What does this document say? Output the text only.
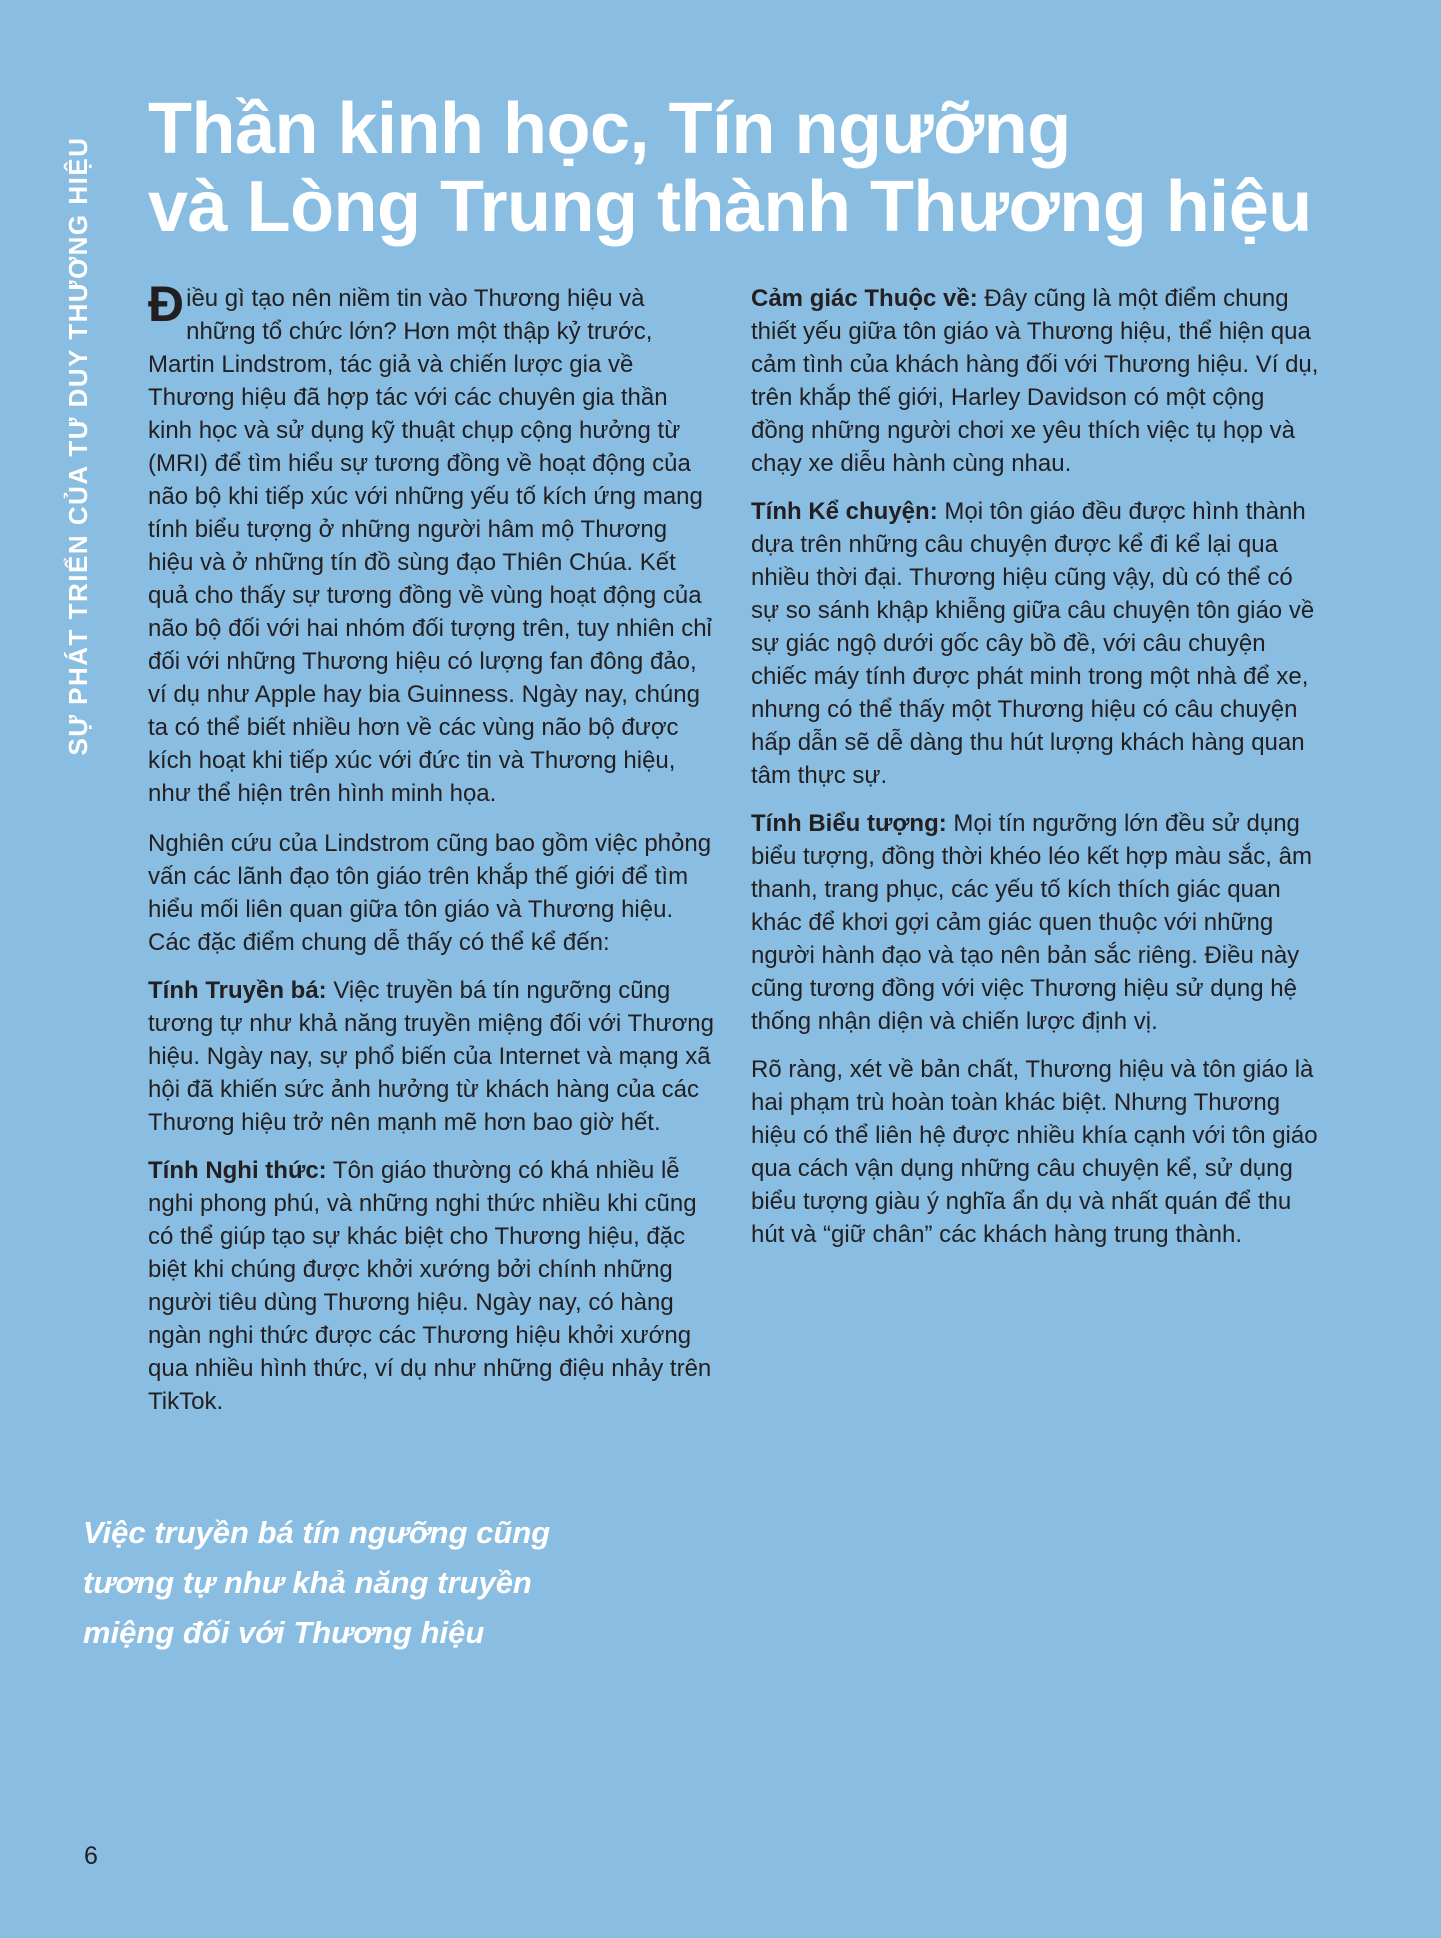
SỰ PHÁT TRIỂN CỦA TƯ DUY THƯƠNG HIỆU
Thần kinh học, Tín ngưỡng
và Lòng Trung thành Thương hiệu

Điều gì tạo nên niềm tin vào Thương hiệu và những tổ chức lớn? Hơn một thập kỷ trước, Martin Lindstrom, tác giả và chiến lược gia về Thương hiệu đã hợp tác với các chuyên gia thần kinh học và sử dụng kỹ thuật chụp cộng hưởng từ (MRI) để tìm hiểu sự tương đồng về hoạt động của não bộ khi tiếp xúc với những yếu tố kích ứng mang tính biểu tượng ở những người hâm mộ Thương hiệu và ở những tín đồ sùng đạo Thiên Chúa. Kết quả cho thấy sự tương đồng về vùng hoạt động của não bộ đối với hai nhóm đối tượng trên, tuy nhiên chỉ đối với những Thương hiệu có lượng fan đông đảo, ví dụ như Apple hay bia Guinness. Ngày nay, chúng ta có thể biết nhiều hơn về các vùng não bộ được kích hoạt khi tiếp xúc với đức tin và Thương hiệu, như thể hiện trên hình minh họa.

Nghiên cứu của Lindstrom cũng bao gồm việc phỏng vấn các lãnh đạo tôn giáo trên khắp thế giới để tìm hiểu mối liên quan giữa tôn giáo và Thương hiệu. Các đặc điểm chung dễ thấy có thể kể đến:

Tính Truyền bá: Việc truyền bá tín ngưỡng cũng tương tự như khả năng truyền miệng đối với Thương hiệu. Ngày nay, sự phổ biến của Internet và mạng xã hội đã khiến sức ảnh hưởng từ khách hàng của các Thương hiệu trở nên mạnh mẽ hơn bao giờ hết.

Tính Nghi thức: Tôn giáo thường có khá nhiều lễ nghi phong phú, và những nghi thức nhiều khi cũng có thể giúp tạo sự khác biệt cho Thương hiệu, đặc biệt khi chúng được khởi xướng bởi chính những người tiêu dùng Thương hiệu. Ngày nay, có hàng ngàn nghi thức được các Thương hiệu khởi xướng qua nhiều hình thức, ví dụ như những điệu nhảy trên TikTok.

Cảm giác Thuộc về: Đây cũng là một điểm chung thiết yếu giữa tôn giáo và Thương hiệu, thể hiện qua cảm tình của khách hàng đối với Thương hiệu. Ví dụ, trên khắp thế giới, Harley Davidson có một cộng đồng những người chơi xe yêu thích việc tụ họp và chạy xe diễu hành cùng nhau.

Tính Kể chuyện: Mọi tôn giáo đều được hình thành dựa trên những câu chuyện được kể đi kể lại qua nhiều thời đại. Thương hiệu cũng vậy, dù có thể có sự so sánh khập khiễng giữa câu chuyện tôn giáo về sự giác ngộ dưới gốc cây bồ đề, với câu chuyện chiếc máy tính được phát minh trong một nhà để xe, nhưng có thể thấy một Thương hiệu có câu chuyện hấp dẫn sẽ dễ dàng thu hút lượng khách hàng quan tâm thực sự.

Tính Biểu tượng: Mọi tín ngưỡng lớn đều sử dụng biểu tượng, đồng thời khéo léo kết hợp màu sắc, âm thanh, trang phục, các yếu tố kích thích giác quan khác để khơi gợi cảm giác quen thuộc với những người hành đạo và tạo nên bản sắc riêng. Điều này cũng tương đồng với việc Thương hiệu sử dụng hệ thống nhận diện và chiến lược định vị.

Rõ ràng, xét về bản chất, Thương hiệu và tôn giáo là hai phạm trù hoàn toàn khác biệt. Nhưng Thương hiệu có thể liên hệ được nhiều khía cạnh với tôn giáo qua cách vận dụng những câu chuyện kể, sử dụng biểu tượng giàu ý nghĩa ẩn dụ và nhất quán để thu hút và “giữ chân” các khách hàng trung thành.

Việc truyền bá tín ngưỡng cũng tương tự như khả năng truyền miệng đối với Thương hiệu

6
